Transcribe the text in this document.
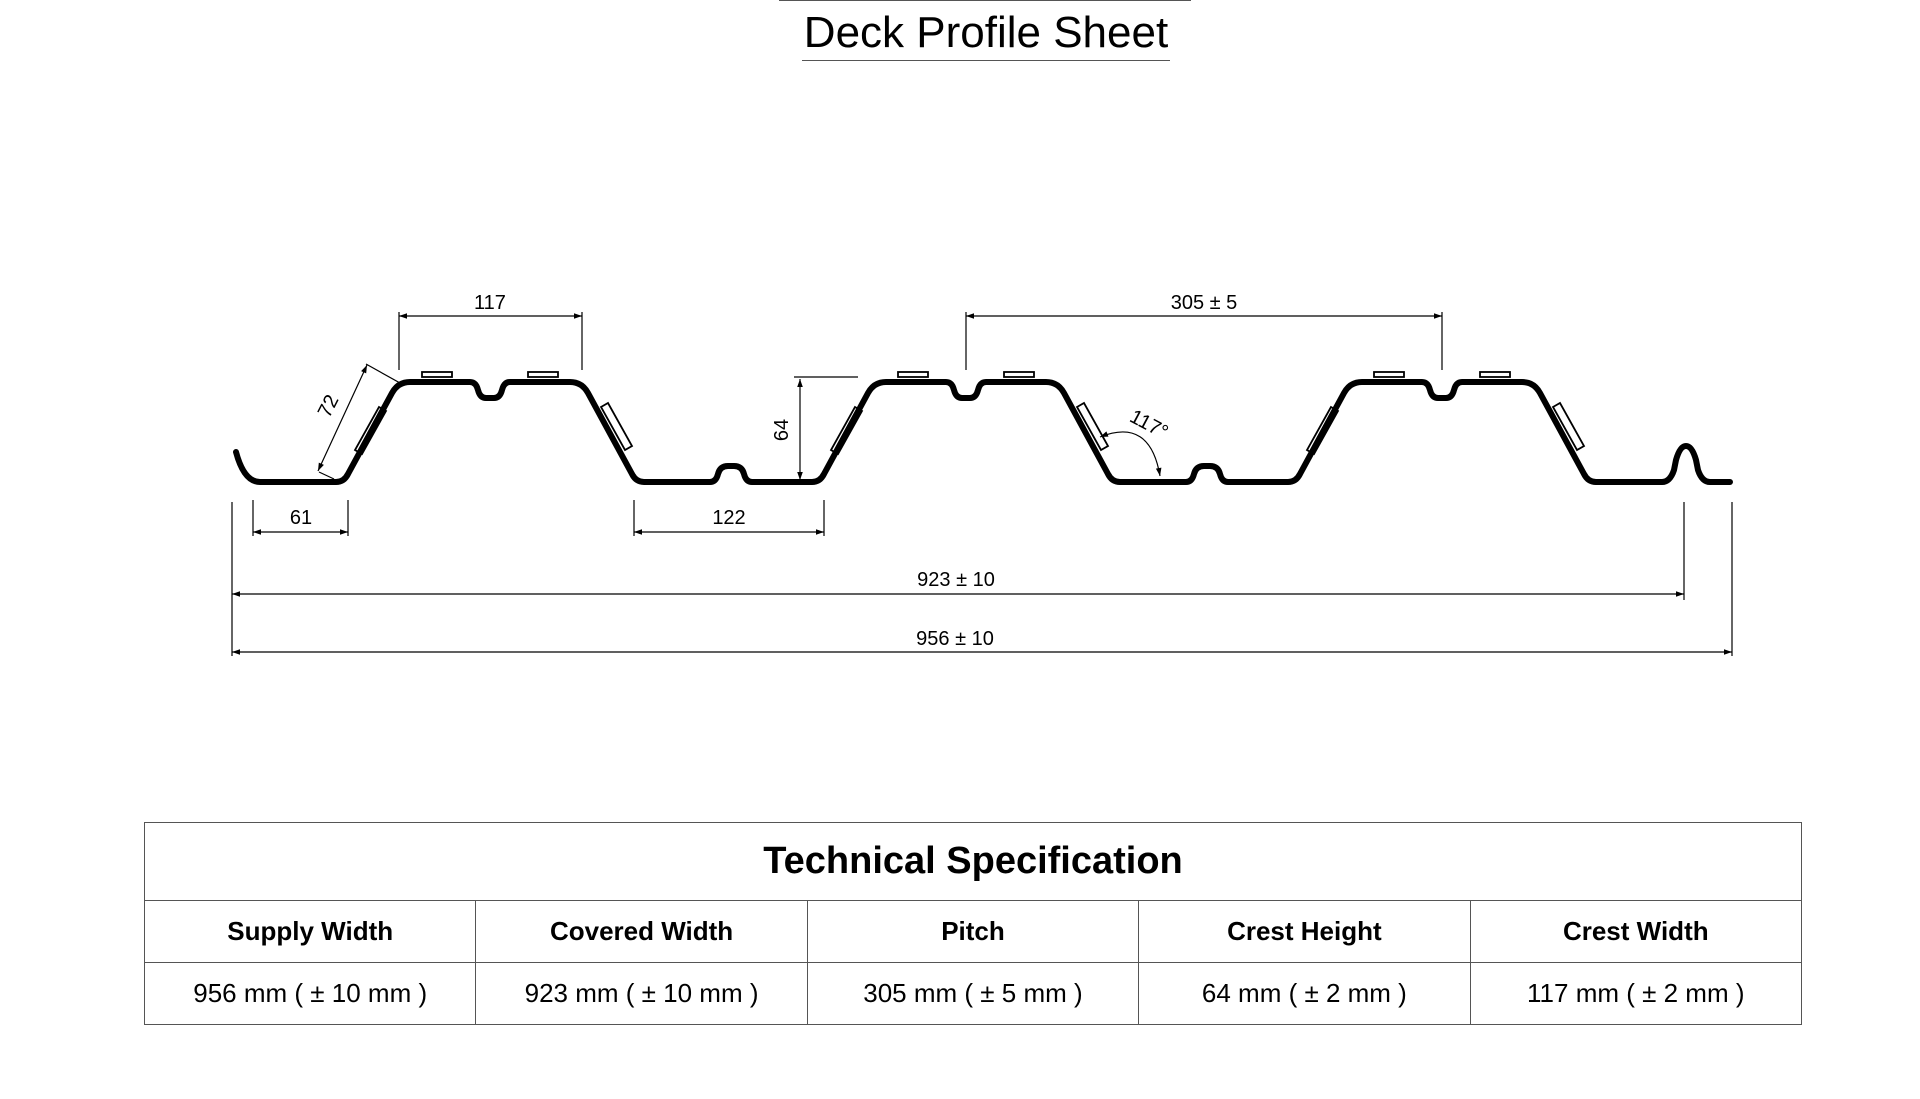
Deck Profile Sheet
117	305 ± 5
72
64	117°
61	122
923 ± 10
956 ± 10
Technical Specification				
Supply Width	Covered Width	Pitch	Crest Height	Crest Width
956 mm ( ± 10 mm )	923 mm ( ± 10 mm )	305 mm ( ± 5 mm )	64 mm ( ± 2 mm )	117 mm ( ± 2 mm )
